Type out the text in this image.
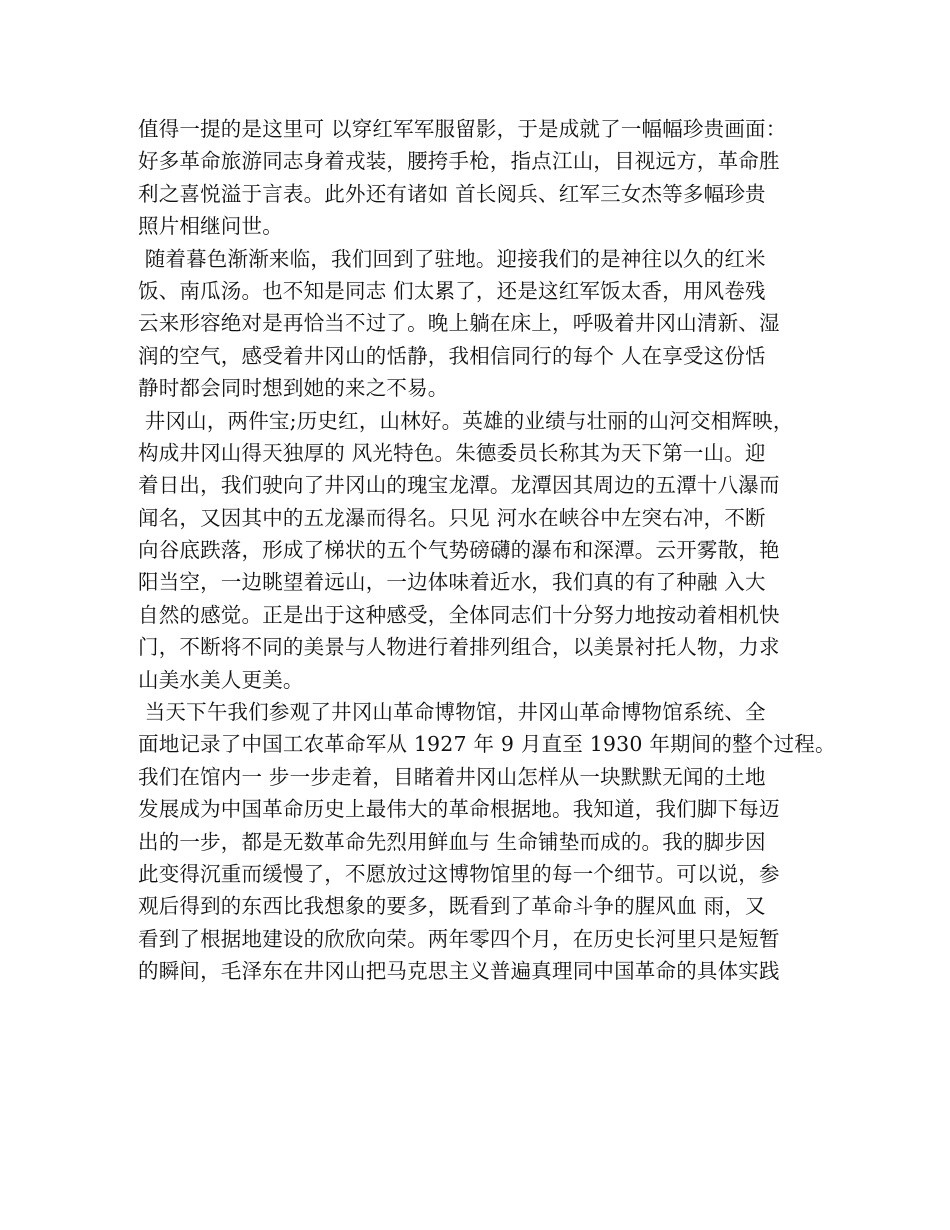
值得一提的是这里可 以穿红军军服留影，于是成就了一幅幅珍贵画面：
好多革命旅游同志身着戎装，腰挎手枪，指点江山，目视远方，革命胜
利之喜悦溢于言表。此外还有诸如 首长阅兵、红军三女杰等多幅珍贵
照片相继问世。
随着暮色渐渐来临，我们回到了驻地。迎接我们的是神往以久的红米
饭、南瓜汤。也不知是同志 们太累了，还是这红军饭太香，用风卷残
云来形容绝对是再恰当不过了。晚上躺在床上，呼吸着井冈山清新、湿
润的空气，感受着井冈山的恬静，我相信同行的每个 人在享受这份恬
静时都会同时想到她的来之不易。
井冈山，两件宝;历史红，山林好。英雄的业绩与壮丽的山河交相辉映，
构成井冈山得天独厚的 风光特色。朱德委员长称其为天下第一山。迎
着日出，我们驶向了井冈山的瑰宝龙潭。龙潭因其周边的五潭十八瀑而
闻名，又因其中的五龙瀑而得名。只见 河水在峡谷中左突右冲，不断
向谷底跌落，形成了梯状的五个气势磅礴的瀑布和深潭。云开雾散，艳
阳当空，一边眺望着远山，一边体味着近水，我们真的有了种融 入大
自然的感觉。正是出于这种感受，全体同志们十分努力地按动着相机快
门，不断将不同的美景与人物进行着排列组合，以美景衬托人物，力求
山美水美人更美。
当天下午我们参观了井冈山革命博物馆，井冈山革命博物馆系统、全
面地记录了中国工农革命军从 1927 年 9 月直至 1930 年期间的整个过程。
我们在馆内一 步一步走着，目睹着井冈山怎样从一块默默无闻的土地
发展成为中国革命历史上最伟大的革命根据地。我知道，我们脚下每迈
出的一步，都是无数革命先烈用鲜血与 生命铺垫而成的。我的脚步因
此变得沉重而缓慢了，不愿放过这博物馆里的每一个细节。可以说，参
观后得到的东西比我想象的要多，既看到了革命斗争的腥风血 雨，又
看到了根据地建设的欣欣向荣。两年零四个月，在历史长河里只是短暂
的瞬间，毛泽东在井冈山把马克思主义普遍真理同中国革命的具体实践
